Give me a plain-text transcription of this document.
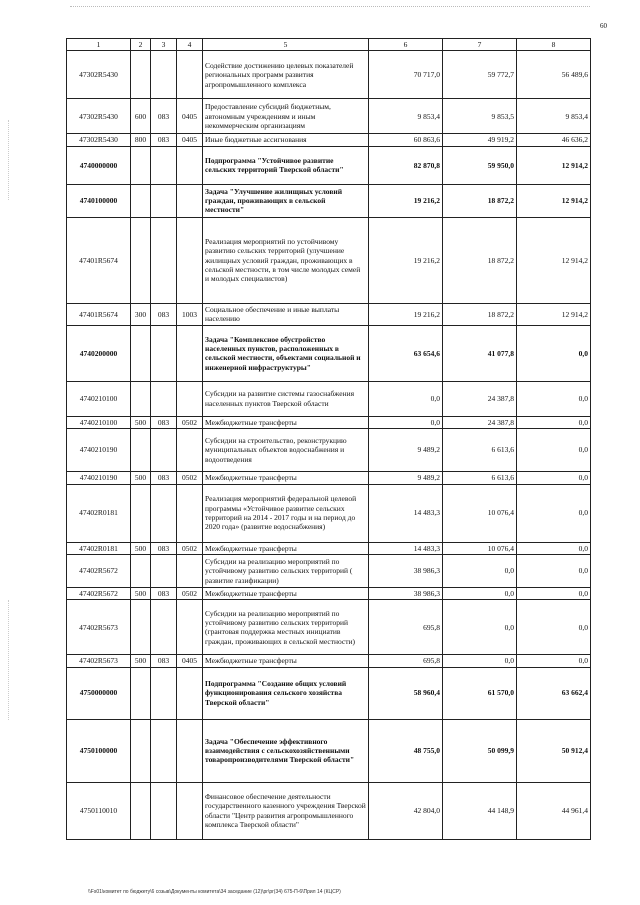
60
1	2	3	4	5	6	7	8
47302R5430				Содействие достижению целевых показателей региональных программ развития агропромышленного комплекса	70 717,0	59 772,7	56 489,6
47302R5430	600	083	0405	Предоставление субсидий бюджетным, автономным учреждениям и иным некоммерческим организациям	9 853,4	9 853,5	9 853,4
47302R5430	800	083	0405	Иные бюджетные ассигнования	60 863,6	49 919,2	46 636,2
4740000000				Подпрограмма "Устойчивое развитие сельских территорий Тверской области"	82 870,8	59 950,0	12 914,2
4740100000				Задача "Улучшение жилищных условий граждан, проживающих в сельской местности"	19 216,2	18 872,2	12 914,2
47401R5674				Реализация мероприятий по устойчивому развитию сельских территорий (улучшение жилищных условий граждан, проживающих в сельской местности, в том числе молодых семей и молодых специалистов)	19 216,2	18 872,2	12 914,2
47401R5674	300	083	1003	Социальное обеспечение и иные выплаты населению	19 216,2	18 872,2	12 914,2
4740200000				Задача "Комплексное обустройство населенных пунктов, расположенных в сельской местности, объектами социальной и инженерной инфраструктуры"	63 654,6	41 077,8	0,0
4740210100				Субсидии на развитие системы газоснабжения населенных пунктов Тверской области	0,0	24 387,8	0,0
4740210100	500	083	0502	Межбюджетные трансферты	0,0	24 387,8	0,0
4740210190				Субсидии на строительство, реконструкцию муниципальных объектов водоснабжения и водоотведения	9 489,2	6 613,6	0,0
4740210190	500	083	0502	Межбюджетные трансферты	9 489,2	6 613,6	0,0
47402R0181				Реализация мероприятий федеральной целевой программы «Устойчивое развитие сельских территорий на 2014 - 2017 годы и на период до 2020 года» (развитие водоснабжения)	14 483,3	10 076,4	0,0
47402R0181	500	083	0502	Межбюджетные трансферты	14 483,3	10 076,4	0,0
47402R5672				Субсидии на реализацию мероприятий по устойчивому развитию сельских территорий ( развитие газификации)	38 986,3	0,0	0,0
47402R5672	500	083	0502	Межбюджетные трансферты	38 986,3	0,0	0,0
47402R5673				Субсидии на реализацию мероприятий по устойчивому развитию сельских территорий (грантовая поддержка местных инициатив граждан, проживающих в сельской местности)	695,8	0,0	0,0
47402R5673	500	083	0405	Межбюджетные трансферты	695,8	0,0	0,0
4750000000				Подпрограмма "Создание общих условий функционирования сельского хозяйства Тверской области"	58 960,4	61 570,0	63 662,4
4750100000				Задача "Обеспечение эффективного взаимодействия с сельскохозяйственными товаропроизводителями Тверской области"	48 755,0	50 099,9	50 912,4
4750110010				Финансовое обеспечение деятельности государственного казенного учреждения Тверской области "Центр развития агропромышленного комплекса Тверской области"	42 804,0	44 148,9	44 961,4
\\Fs01\комитет по бюджету\6 созыв\Документы комитета\34 заседание (12)\pr\pr(34) 675-П-6\Прил 14 (КЦСР)
